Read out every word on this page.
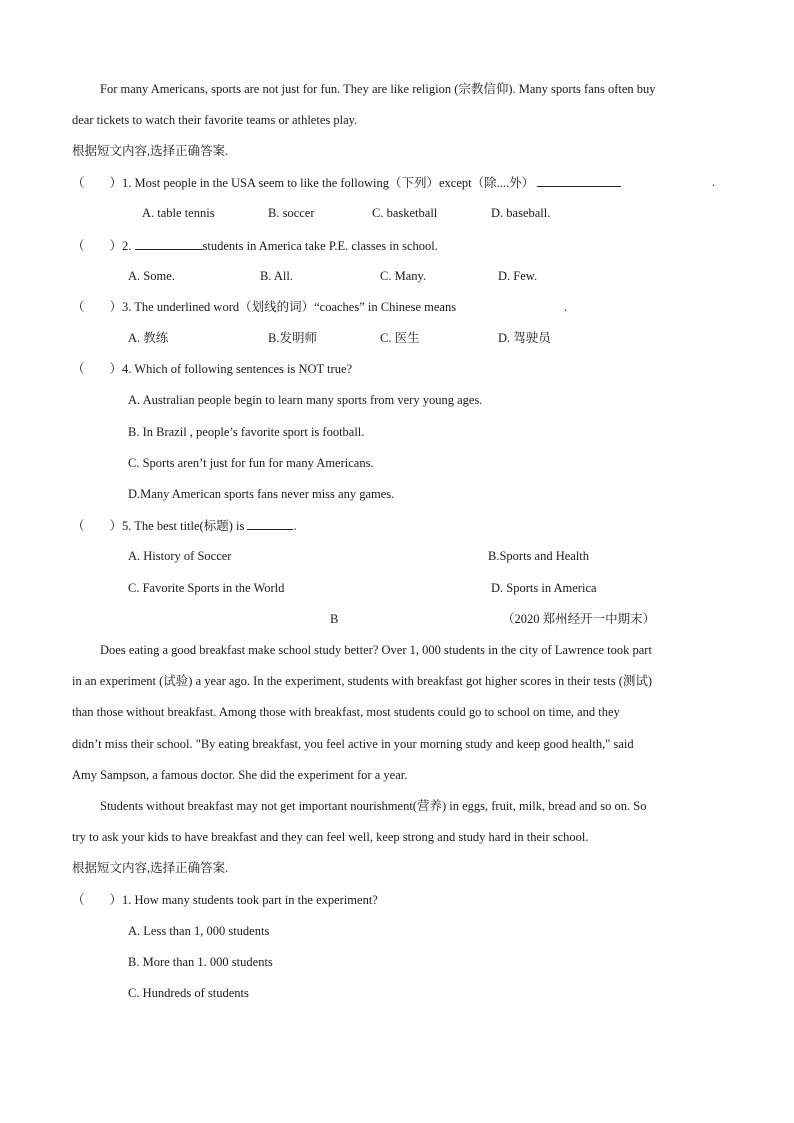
For many Americans, sports are not just for fun. They are like religion (宗教信仰). Many sports fans often buy
dear tickets to watch their favorite teams or athletes play.
根据短文内容,选择正确答案.
（　　）1. Most people in the USA seem to like the following（下列）except（除....外）	.
A. table tennis	B. soccer	C. basketball	D. baseball.
（　　）2.	students in America take P.E. classes in school.
A. Some.	B. All.	C. Many.	D. Few.
（　　）3. The underlined word（划线的词）“coaches” in Chinese means	.
A. 教练	B.发明师	C. 医生	D. 驾驶员
（　　）4. Which of following sentences is NOT true?
A. Australian people begin to learn many sports from very young ages.
B. In Brazil , people’s favorite sport is football.
C. Sports aren’t just for fun for many Americans.
D.Many American sports fans never miss any games.
（　　）5. The best title(标题) is	.
A. History of Soccer	B.Sports and Health
C. Favorite Sports in the World	D. Sports in America
B	（2020 郑州经开一中期末）
Does eating a good breakfast make school study better? Over 1, 000 students in the city of Lawrence took part
in an experiment (试验) a year ago. In the experiment, students with breakfast got higher scores in their tests (测试)
than those without breakfast. Among those with breakfast, most students could go to school on time, and they
didn’t miss their school. "By eating breakfast, you feel active in your morning study and keep good health," said
Amy Sampson, a famous doctor. She did the experiment for a year.
Students without breakfast may not get important nourishment(营养) in eggs, fruit, milk, bread and so on. So
try to ask your kids to have breakfast and they can feel well, keep strong and study hard in their school.
根据短文内容,选择正确答案.
（　　）1. How many students took part in the experiment?
A. Less than 1, 000 students
B. More than 1. 000 students
C. Hundreds of students
